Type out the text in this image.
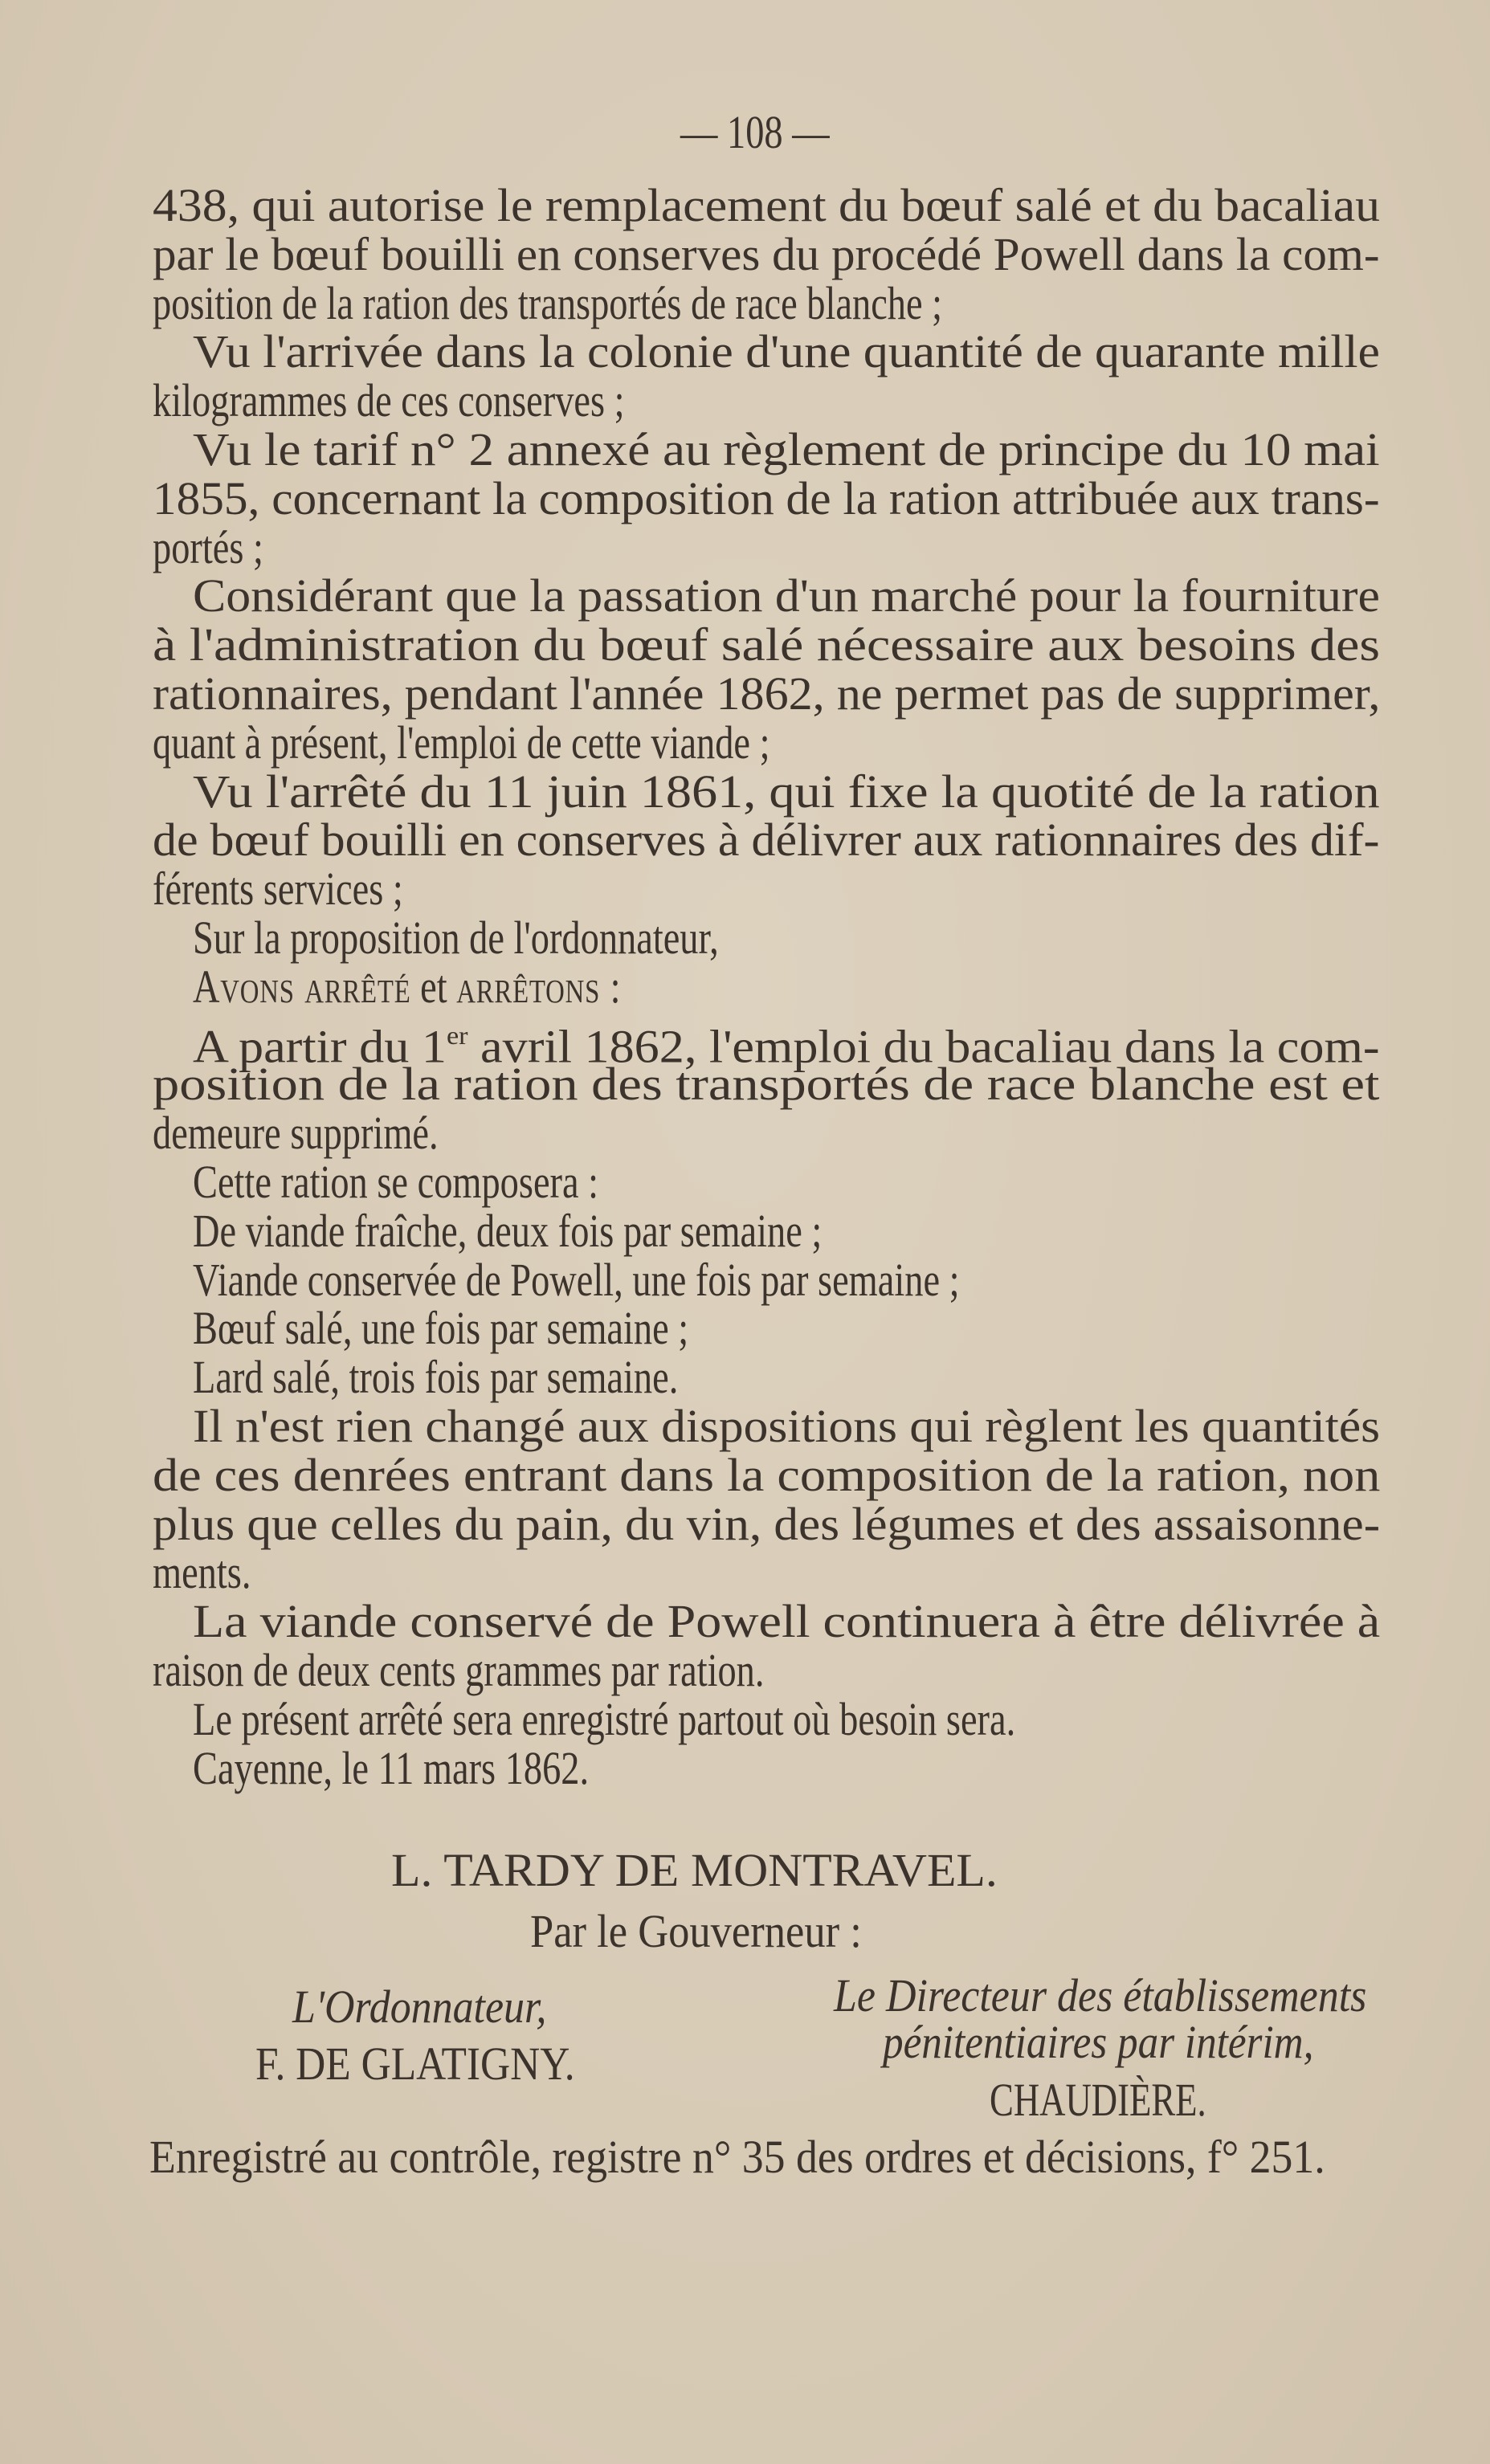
— 108 —
438, qui autorise le remplacement du bœuf salé et du bacaliau
par le bœuf bouilli en conserves du procédé Powell dans la com-
position de la ration des transportés de race blanche ;
Vu l'arrivée dans la colonie d'une quantité de quarante mille
kilogrammes de ces conserves ;
Vu le tarif n° 2 annexé au règlement de principe du 10 mai
1855, concernant la composition de la ration attribuée aux trans-
portés ;
Considérant que la passation d'un marché pour la fourniture
à l'administration du bœuf salé nécessaire aux besoins des
rationnaires, pendant l'année 1862, ne permet pas de supprimer,
quant à présent, l'emploi de cette viande ;
Vu l'arrêté du 11 juin 1861, qui fixe la quotité de la ration
de bœuf bouilli en conserves à délivrer aux rationnaires des dif-
férents services ;
Sur la proposition de l'ordonnateur,
Avons arrêté et arrêtons :
A partir du 1er avril 1862, l'emploi du bacaliau dans la com-
position de la ration des transportés de race blanche est et
demeure supprimé.
Cette ration se composera :
De viande fraîche, deux fois par semaine ;
Viande conservée de Powell, une fois par semaine ;
Bœuf salé, une fois par semaine ;
Lard salé, trois fois par semaine.
Il n'est rien changé aux dispositions qui règlent les quantités
de ces denrées entrant dans la composition de la ration, non
plus que celles du pain, du vin, des légumes et des assaisonne-
ments.
La viande conservé de Powell continuera à être délivrée à
raison de deux cents grammes par ration.
Le présent arrêté sera enregistré partout où besoin sera.
Cayenne, le 11 mars 1862.
L. TARDY DE MONTRAVEL.
Par le Gouverneur :
L'Ordonnateur,
F. DE GLATIGNY.
Le Directeur des établissements
pénitentiaires par intérim,
CHAUDIÈRE.
Enregistré au contrôle, registre n° 35 des ordres et décisions, f° 251.
